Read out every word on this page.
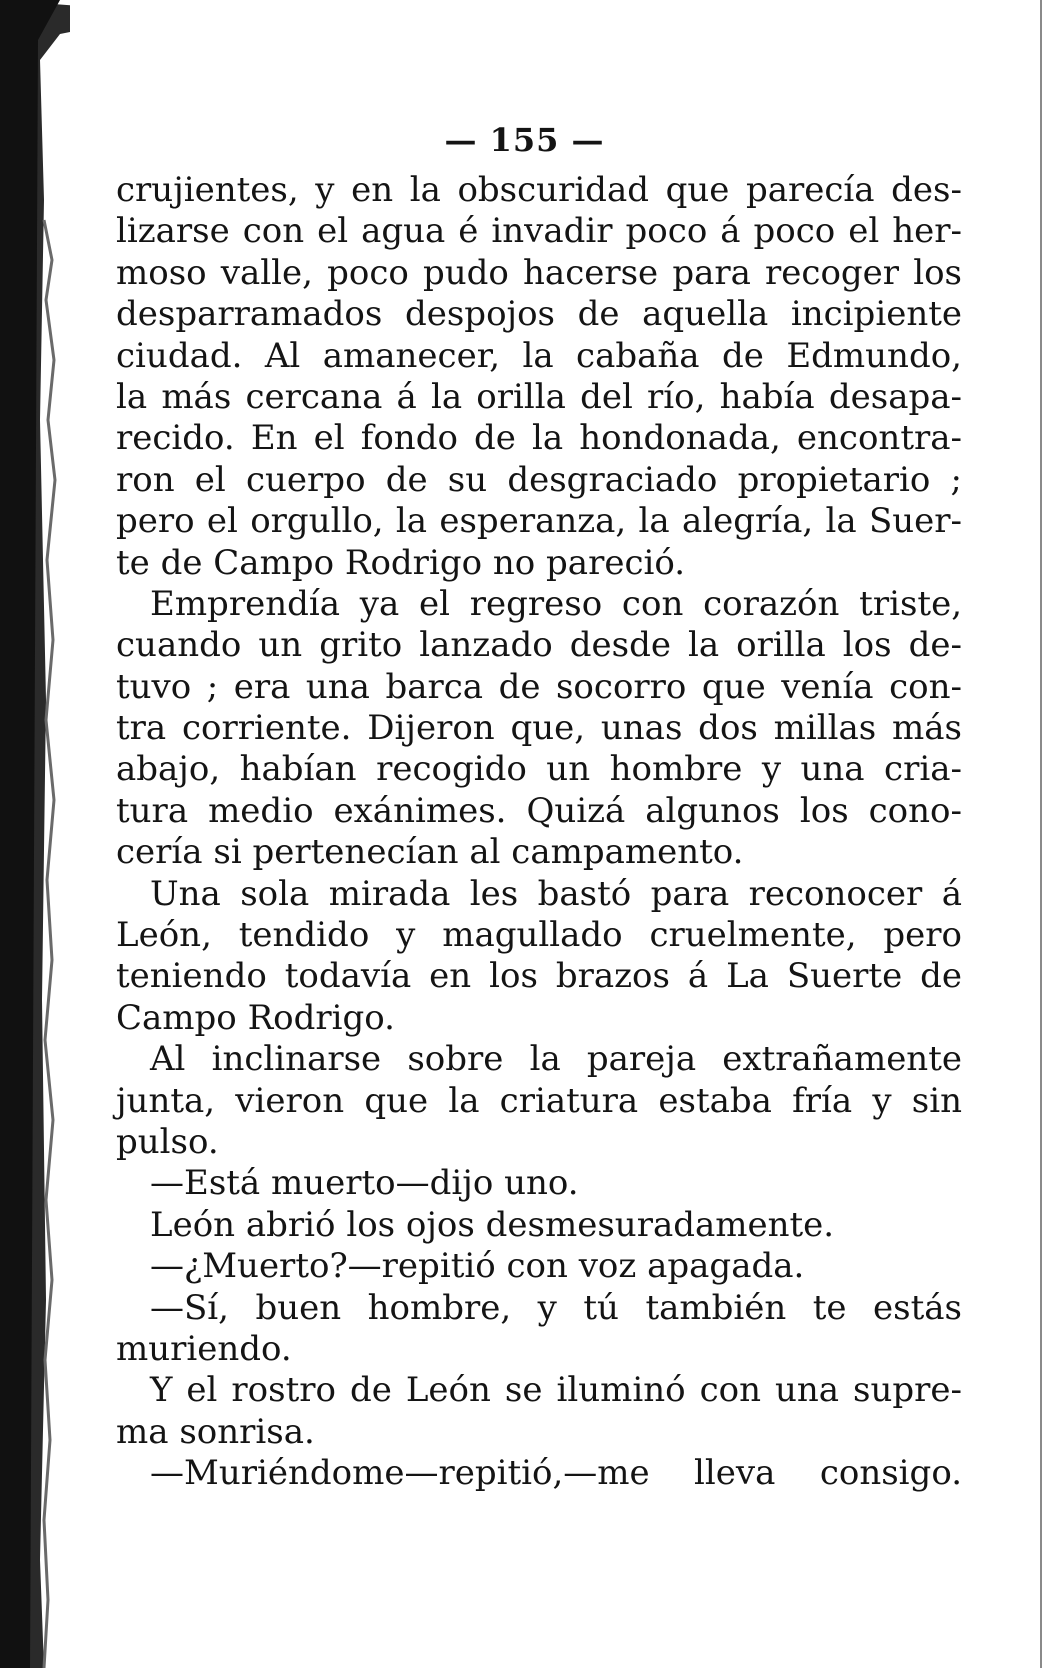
— 155 —
crujientes, y en la obscuridad que parecía des-
lizarse con el agua é invadir poco á poco el her-
moso valle, poco pudo hacerse para recoger los
desparramados despojos de aquella incipiente
ciudad. Al amanecer, la cabaña de Edmundo,
la más cercana á la orilla del río, había desapa-
recido. En el fondo de la hondonada, encontra-
ron el cuerpo de su desgraciado propietario ;
pero el orgullo, la esperanza, la alegría, la Suer-
te de Campo Rodrigo no pareció.
Emprendía ya el regreso con corazón triste,
cuando un grito lanzado desde la orilla los de-
tuvo ; era una barca de socorro que venía con-
tra corriente. Dijeron que, unas dos millas más
abajo, habían recogido un hombre y una cria-
tura medio exánimes. Quizá algunos los cono-
cería si pertenecían al campamento.
Una sola mirada les bastó para reconocer á
León, tendido y magullado cruelmente, pero
teniendo todavía en los brazos á La Suerte de
Campo Rodrigo.
Al inclinarse sobre la pareja extrañamente
junta, vieron que la criatura estaba fría y sin
pulso.
—Está muerto—dijo uno.
León abrió los ojos desmesuradamente.
—¿Muerto?—repitió con voz apagada.
—Sí, buen hombre, y tú también te estás
muriendo.
Y el rostro de León se iluminó con una supre-
ma sonrisa.
—Muriéndome—repitió,—me lleva consigo.
